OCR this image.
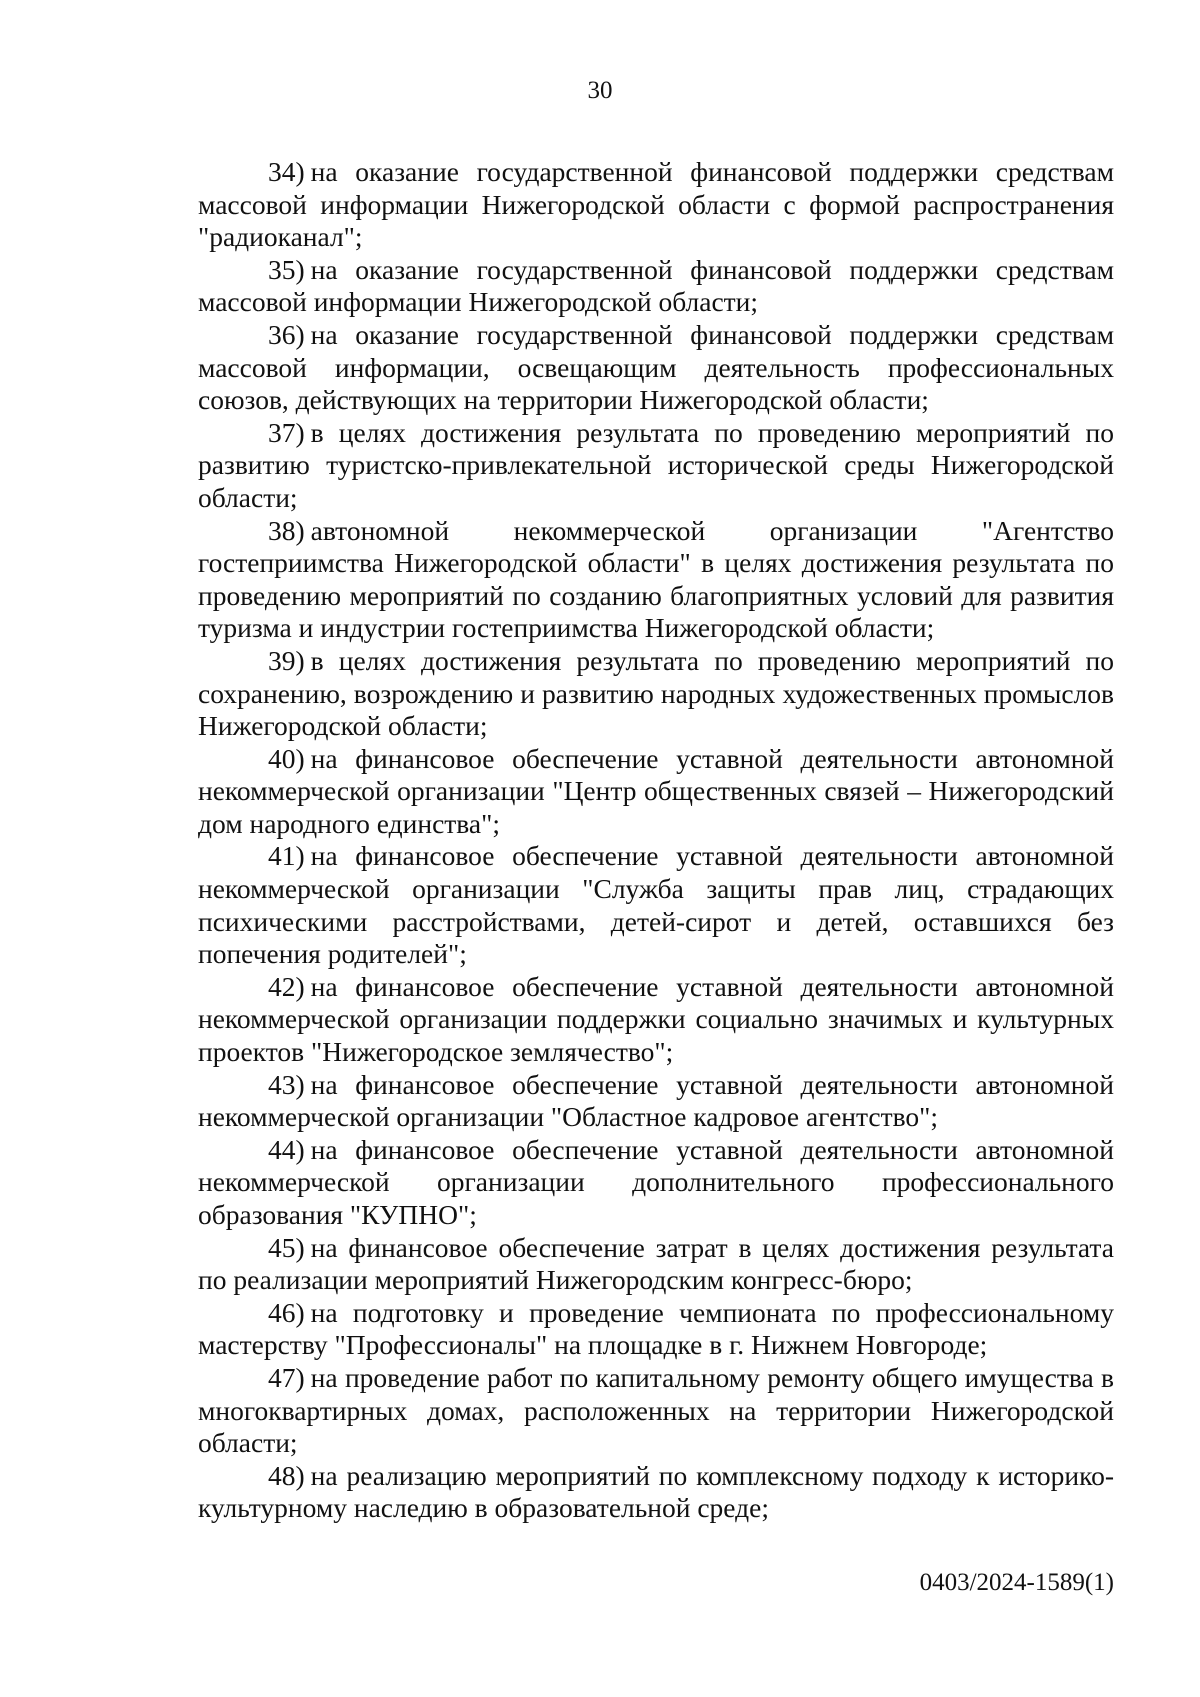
30

34) на оказание государственной финансовой поддержки средствам массовой информации Нижегородской области с формой распространения "радиоканал";

35) на оказание государственной финансовой поддержки средствам массовой информации Нижегородской области;

36) на оказание государственной финансовой поддержки средствам массовой информации, освещающим деятельность профессиональных союзов, действующих на территории Нижегородской области;

37) в целях достижения результата по проведению мероприятий по развитию туристско-привлекательной исторической среды Нижегородской области;

38) автономной некоммерческой организации "Агентство гостеприимства Нижегородской области" в целях достижения результата по проведению мероприятий по созданию благоприятных условий для развития туризма и индустрии гостеприимства Нижегородской области;

39) в целях достижения результата по проведению мероприятий по сохранению, возрождению и развитию народных художественных промыслов Нижегородской области;

40) на финансовое обеспечение уставной деятельности автономной некоммерческой организации "Центр общественных связей – Нижегородский дом народного единства";

41) на финансовое обеспечение уставной деятельности автономной некоммерческой организации "Служба защиты прав лиц, страдающих психическими расстройствами, детей-сирот и детей, оставшихся без попечения родителей";

42) на финансовое обеспечение уставной деятельности автономной некоммерческой организации поддержки социально значимых и культурных проектов "Нижегородское землячество";

43) на финансовое обеспечение уставной деятельности автономной некоммерческой организации "Областное кадровое агентство";

44) на финансовое обеспечение уставной деятельности автономной некоммерческой организации дополнительного профессионального образования "КУПНО";

45) на финансовое обеспечение затрат в целях достижения результата по реализации мероприятий Нижегородским конгресс-бюро;

46) на подготовку и проведение чемпионата по профессиональному мастерству "Профессионалы" на площадке в г. Нижнем Новгороде;

47) на проведение работ по капитальному ремонту общего имущества в многоквартирных домах, расположенных на территории Нижегородской области;

48) на реализацию мероприятий по комплексному подходу к историко-культурному наследию в образовательной среде;

0403/2024-1589(1)
